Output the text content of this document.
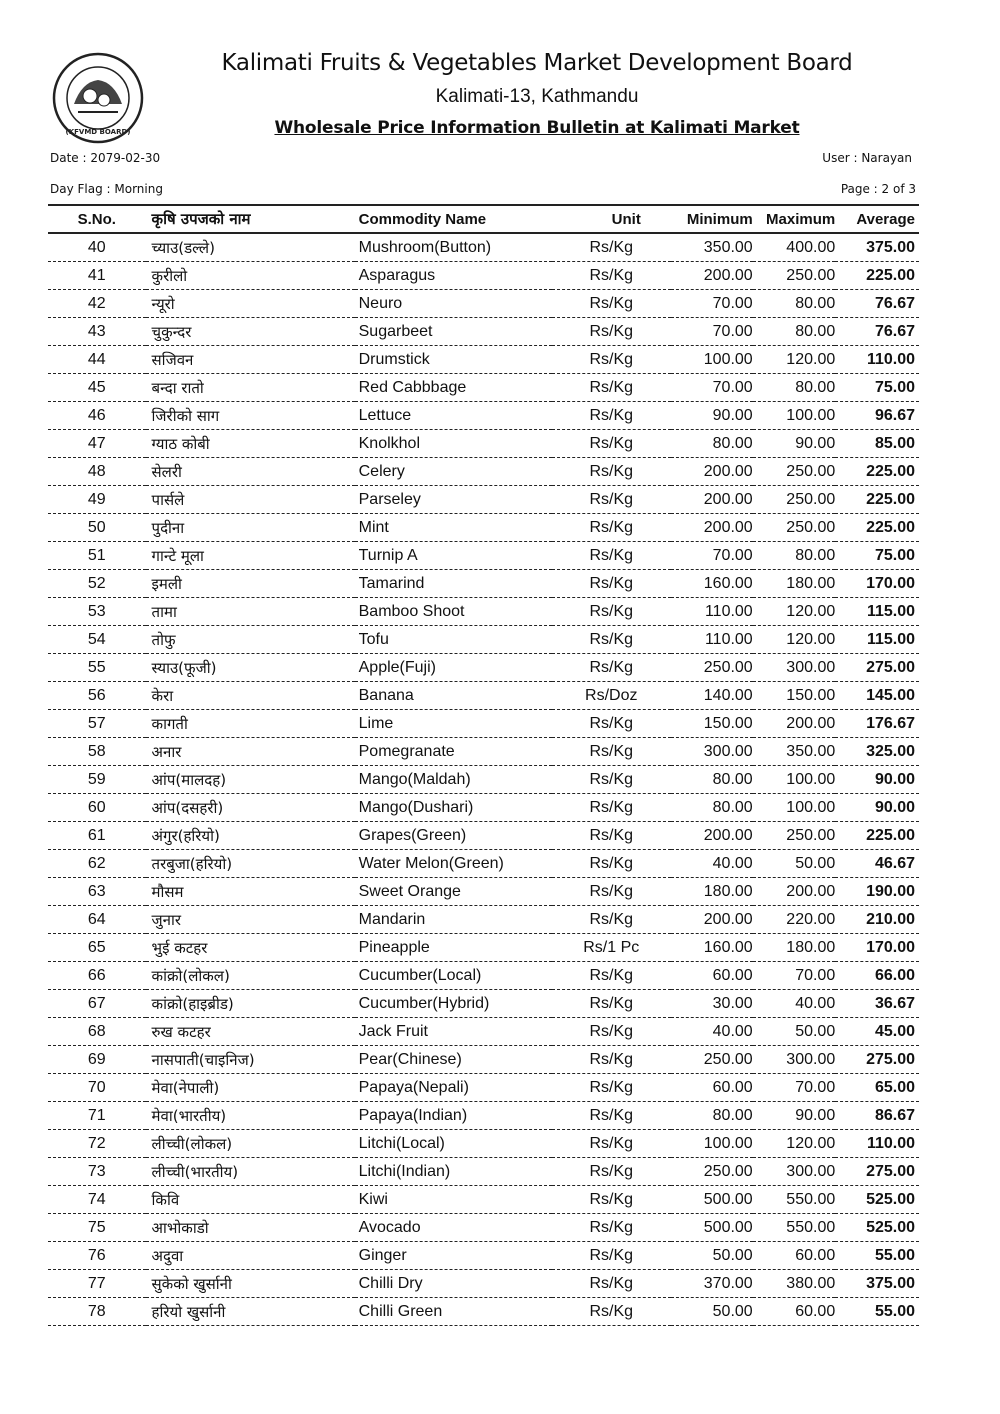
(KFVMD BOARD)
Kalimati Fruits & Vegetables Market Development Board
Kalimati-13, Kathmandu
Wholesale Price Information Bulletin at Kalimati Market
Date : 2079-02-30
Day Flag : Morning
User : Narayan
Page : 2 of 3
S.No.	कृषि उपजको नाम	Commodity Name	Unit	Minimum	Maximum	Average
40	च्याउ(डल्ले)	Mushroom(Button)	Rs/Kg	350.00	400.00	375.00
41	कुरीलो	Asparagus	Rs/Kg	200.00	250.00	225.00
42	न्यूरो	Neuro	Rs/Kg	70.00	80.00	76.67
43	चुकुन्दर	Sugarbeet	Rs/Kg	70.00	80.00	76.67
44	सजिवन	Drumstick	Rs/Kg	100.00	120.00	110.00
45	बन्दा रातो	Red Cabbbage	Rs/Kg	70.00	80.00	75.00
46	जिरीको साग	Lettuce	Rs/Kg	90.00	100.00	96.67
47	ग्याठ कोबी	Knolkhol	Rs/Kg	80.00	90.00	85.00
48	सेलरी	Celery	Rs/Kg	200.00	250.00	225.00
49	पार्सले	Parseley	Rs/Kg	200.00	250.00	225.00
50	पुदीना	Mint	Rs/Kg	200.00	250.00	225.00
51	गान्टे मूला	Turnip A	Rs/Kg	70.00	80.00	75.00
52	इमली	Tamarind	Rs/Kg	160.00	180.00	170.00
53	तामा	Bamboo Shoot	Rs/Kg	110.00	120.00	115.00
54	तोफु	Tofu	Rs/Kg	110.00	120.00	115.00
55	स्याउ(फूजी)	Apple(Fuji)	Rs/Kg	250.00	300.00	275.00
56	केरा	Banana	Rs/Doz	140.00	150.00	145.00
57	कागती	Lime	Rs/Kg	150.00	200.00	176.67
58	अनार	Pomegranate	Rs/Kg	300.00	350.00	325.00
59	आंप(मालदह)	Mango(Maldah)	Rs/Kg	80.00	100.00	90.00
60	आंप(दसहरी)	Mango(Dushari)	Rs/Kg	80.00	100.00	90.00
61	अंगुर(हरियो)	Grapes(Green)	Rs/Kg	200.00	250.00	225.00
62	तरबुजा(हरियो)	Water Melon(Green)	Rs/Kg	40.00	50.00	46.67
63	मौसम	Sweet Orange	Rs/Kg	180.00	200.00	190.00
64	जुनार	Mandarin	Rs/Kg	200.00	220.00	210.00
65	भुई कटहर	Pineapple	Rs/1 Pc	160.00	180.00	170.00
66	कांक्रो(लोकल)	Cucumber(Local)	Rs/Kg	60.00	70.00	66.00
67	कांक्रो(हाइब्रीड)	Cucumber(Hybrid)	Rs/Kg	30.00	40.00	36.67
68	रुख कटहर	Jack Fruit	Rs/Kg	40.00	50.00	45.00
69	नासपाती(चाइनिज)	Pear(Chinese)	Rs/Kg	250.00	300.00	275.00
70	मेवा(नेपाली)	Papaya(Nepali)	Rs/Kg	60.00	70.00	65.00
71	मेवा(भारतीय)	Papaya(Indian)	Rs/Kg	80.00	90.00	86.67
72	लीच्ची(लोकल)	Litchi(Local)	Rs/Kg	100.00	120.00	110.00
73	लीच्ची(भारतीय)	Litchi(Indian)	Rs/Kg	250.00	300.00	275.00
74	किवि	Kiwi	Rs/Kg	500.00	550.00	525.00
75	आभोकाडो	Avocado	Rs/Kg	500.00	550.00	525.00
76	अदुवा	Ginger	Rs/Kg	50.00	60.00	55.00
77	सुकेको खुर्सानी	Chilli Dry	Rs/Kg	370.00	380.00	375.00
78	हरियो खुर्सानी	Chilli Green	Rs/Kg	50.00	60.00	55.00
